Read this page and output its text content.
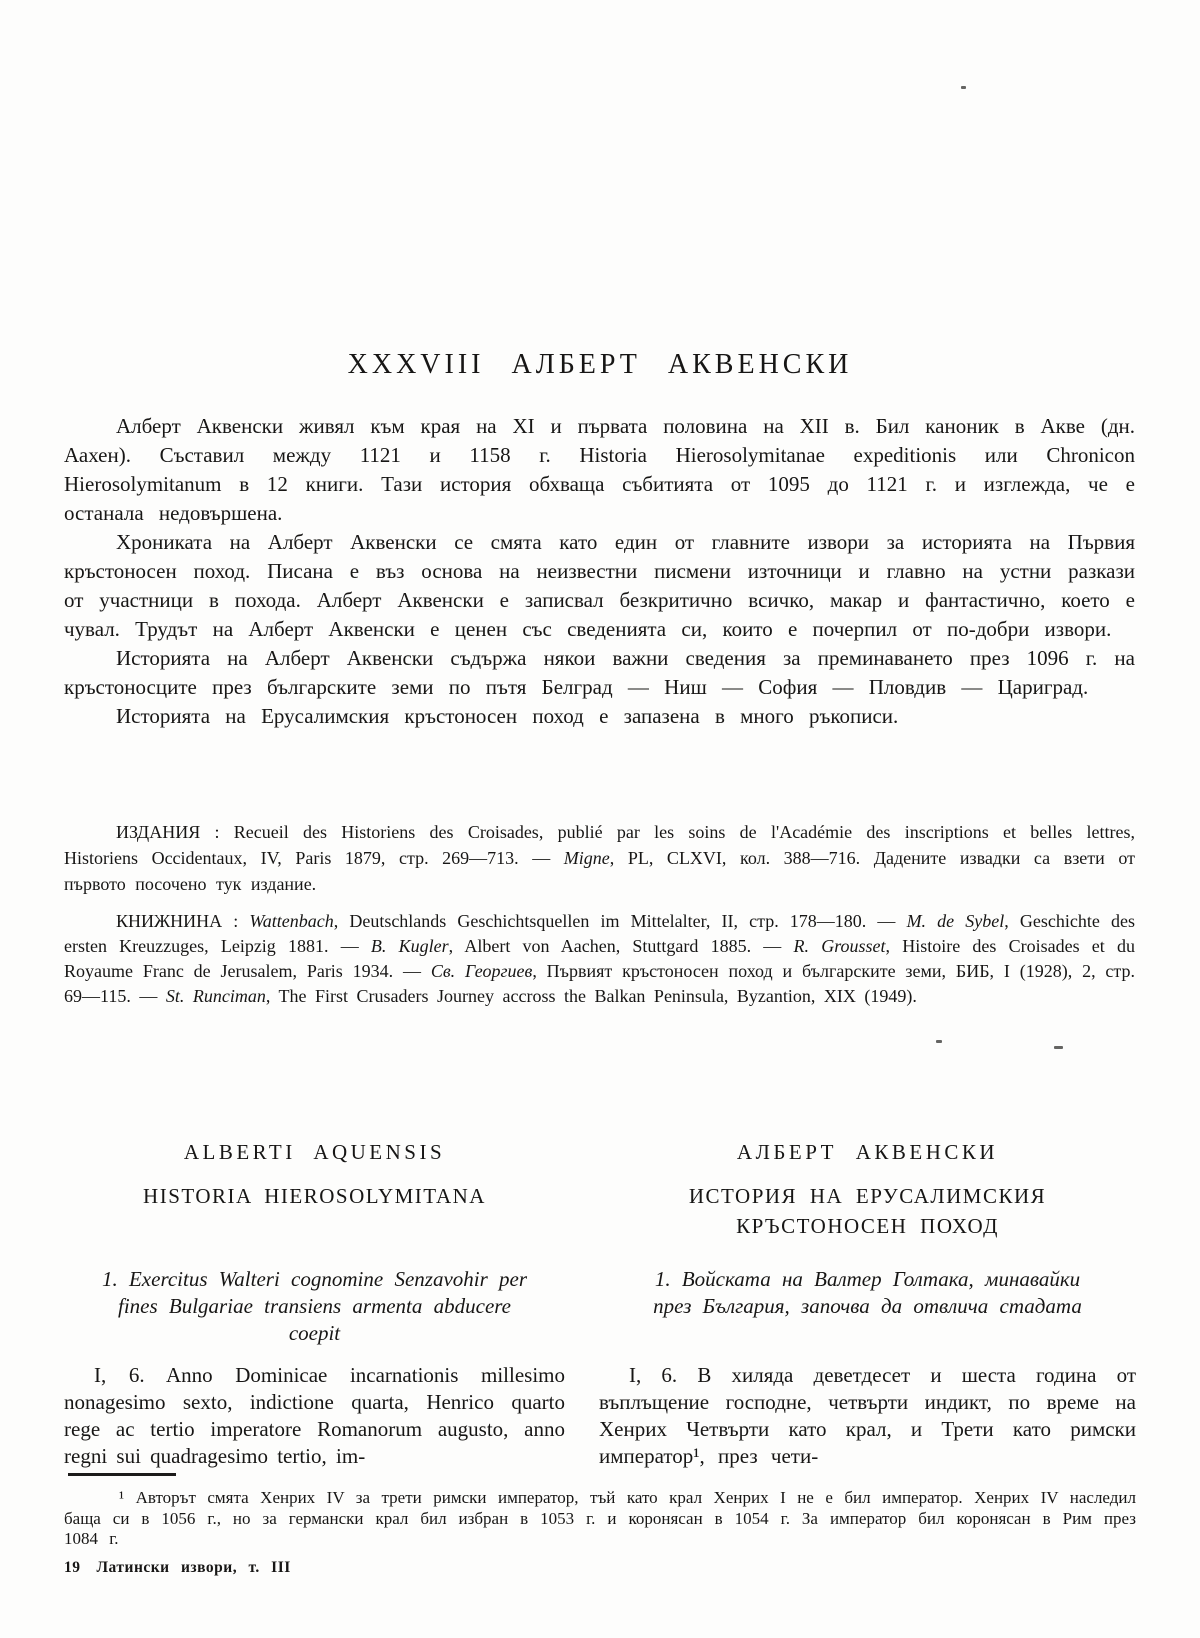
XXXVIII АЛБЕРТ АКВЕНСКИ

Алберт Аквенски живял към края на XI и първата половина на XII в. Бил каноник в Акве (дн. Аахен). Съставил между 1121 и 1158 г. Historia Hierosolymitanae expeditionis или Chronicon Hierosolymitanum в 12 книги. Тази история обхваща събитията от 1095 до 1121 г. и изглежда, че е останала недовършена.

Хрониката на Алберт Аквенски се смята като един от главните извори за историята на Първия кръстоносен поход. Писана е въз основа на неизвестни писмени източници и главно на устни разкази от участници в похода. Алберт Аквенски е записвал безкритично всичко, макар и фантастично, което е чувал. Трудът на Алберт Аквенски е ценен със сведенията си, които е почерпил от по-добри извори.

Историята на Алберт Аквенски съдържа някои важни сведения за преминаването през 1096 г. на кръстоносците през българските земи по пътя Белград — Ниш — София — Пловдив — Цариград.

Историята на Ерусалимския кръстоносен поход е запазена в много ръкописи.

ИЗДАНИЯ : Recueil des Historiens des Croisades, publié par les soins de l'Académie des inscriptions et belles lettres, Historiens Occidentaux, IV, Paris 1879, стр. 269—713. — Migne, PL, CLXVI, кол. 388—716. Дадените извадки са взети от първото посочено тук издание.
КНИЖНИНА : Wattenbach, Deutschlands Geschichtsquellen im Mittelalter, II, стр. 178—180. — M. de Sybel, Geschichte des ersten Kreuzzuges, Leipzig 1881. — B. Kugler, Albert von Aachen, Stuttgard 1885. — R. Grousset, Histoire des Croisades et du Royaume Franc de Jerusalem, Paris 1934. — Св. Георгиев, Първият кръстоносен поход и българските земи, БИБ, I (1928), 2, стр. 69—115. — St. Runciman, The First Crusaders Journey accross the Balkan Peninsula, Byzantion, XIX (1949).
ALBERTI AQUENSIS
HISTORIA HIEROSOLYMITANA
1. Exercitus Walteri cognomine Senzavohir per fines Bulgariae transiens armenta abducere coepit

I, 6. Anno Dominicae incarnationis millesimo nonagesimo sexto, indictione quarta, Henrico quarto rege ac tertio imperatore Romanorum augusto, anno regni sui quadragesimo tertio, im-

АЛБЕРТ АКВЕНСКИ
ИСТОРИЯ НА ЕРУСАЛИМСКИЯ КРЪСТОНОСЕН ПОХОД
1. Войската на Валтер Голтака, минавайки през България, започва да отвлича стадата

I, 6. В хиляда деветдесет и шеста година от въплъщение господне, четвърти индикт, по време на Хенрих Четвърти като крал, и Трети като римски император¹, през чети-

¹ Авторът смята Хенрих IV за трети римски император, тъй като крал Хенрих I не е бил император. Хенрих IV наследил баща си в 1056 г., но за германски крал бил избран в 1053 г. и коронясан в 1054 г. За император бил коронясан в Рим през 1084 г.

19 Латински извори, т. III
